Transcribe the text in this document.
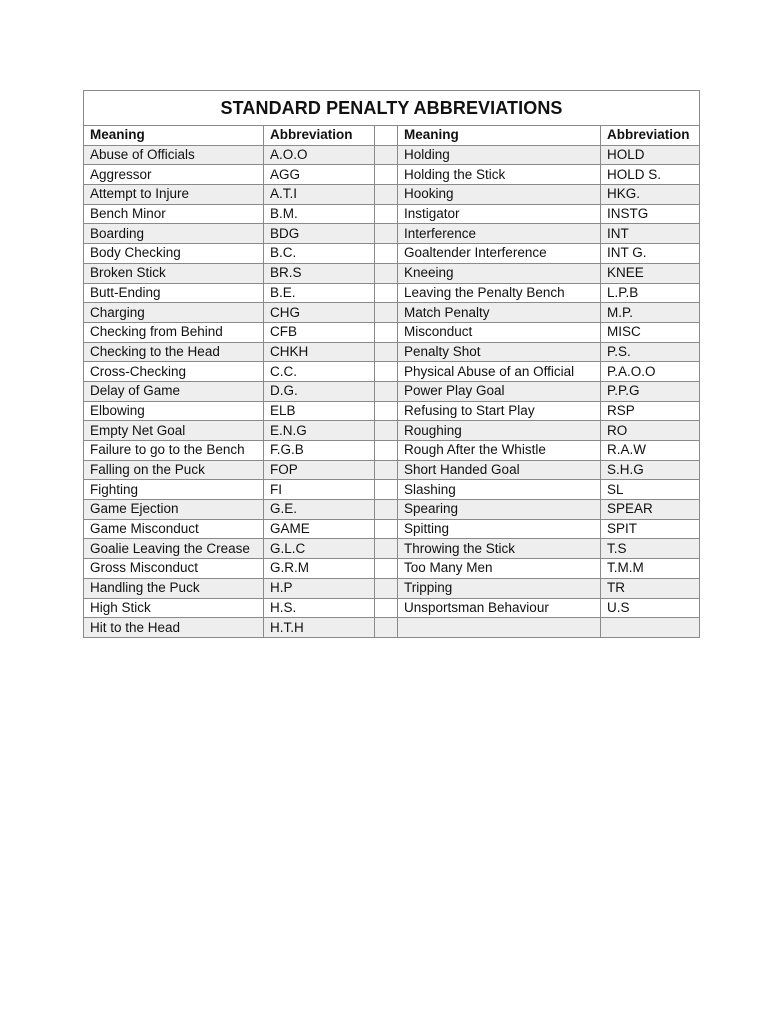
STANDARD PENALTY ABBREVIATIONS				
Meaning	Abbreviation		Meaning	Abbreviation
Abuse of Officials	A.O.O		Holding	HOLD
Aggressor	AGG		Holding the Stick	HOLD S.
Attempt to Injure	A.T.I		Hooking	HKG.
Bench Minor	B.M.		Instigator	INSTG
Boarding	BDG		Interference	INT
Body Checking	B.C.		Goaltender Interference	INT G.
Broken Stick	BR.S		Kneeing	KNEE
Butt-Ending	B.E.		Leaving the Penalty Bench	L.P.B
Charging	CHG		Match Penalty	M.P.
Checking from Behind	CFB		Misconduct	MISC
Checking to the Head	CHKH		Penalty Shot	P.S.
Cross-Checking	C.C.		Physical Abuse of an Official	P.A.O.O
Delay of Game	D.G.		Power Play Goal	P.P.G
Elbowing	ELB		Refusing to Start Play	RSP
Empty Net Goal	E.N.G		Roughing	RO
Failure to go to the Bench	F.G.B		Rough After the Whistle	R.A.W
Falling on the Puck	FOP		Short Handed Goal	S.H.G
Fighting	FI		Slashing	SL
Game Ejection	G.E.		Spearing	SPEAR
Game Misconduct	GAME		Spitting	SPIT
Goalie Leaving the Crease	G.L.C		Throwing the Stick	T.S
Gross Misconduct	G.R.M		Too Many Men	T.M.M
Handling the Puck	H.P		Tripping	TR
High Stick	H.S.		Unsportsman Behaviour	U.S
Hit to the Head	H.T.H			
